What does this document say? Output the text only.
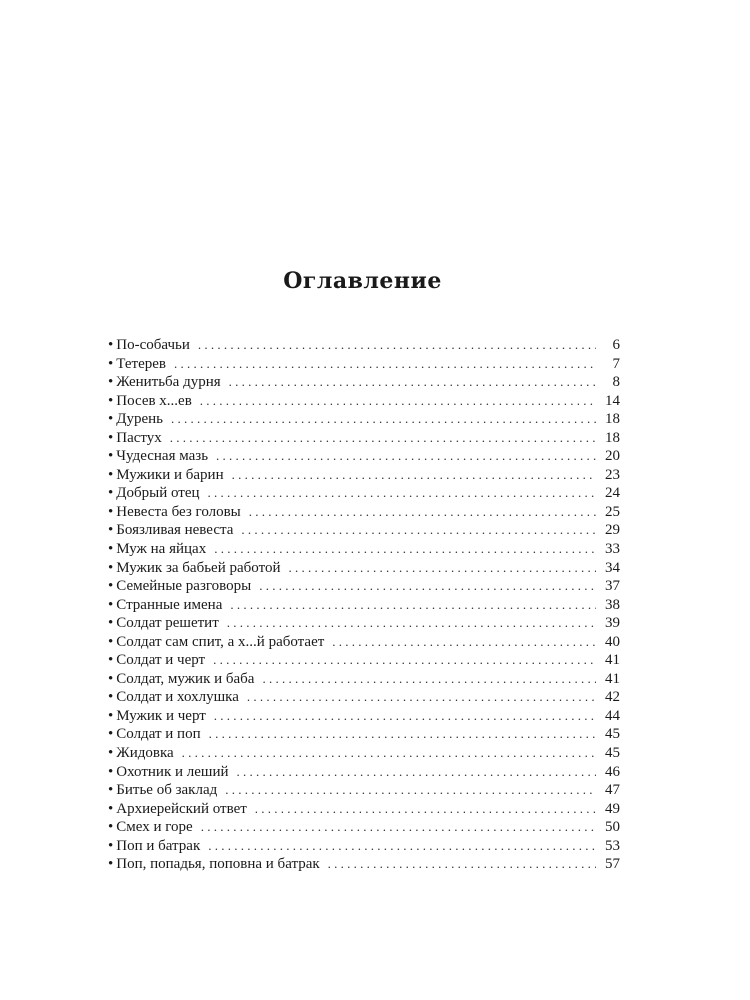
Оглавление
• По-собачьи . . .	6
• Тетерев . . .	7
• Женитьба дурня . . .	8
• Посев х...ев . . .	14
• Дурень . . .	18
• Пастух . . .	18
• Чудесная мазь . . .	20
• Мужики и барин . . .	23
• Добрый отец . . .	24
• Невеста без головы . . .	25
• Боязливая невеста . . .	29
• Муж на яйцах . . .	33
• Мужик за бабьей работой . . .	34
• Семейные разговоры . . .	37
• Странные имена . . .	38
• Солдат решетит . . .	39
• Солдат сам спит, а х...й работает . . .	40
• Солдат и черт . . .	41
• Солдат, мужик и баба . . .	41
• Солдат и хохлушка . . .	42
• Мужик и черт . . .	44
• Солдат и поп . . .	45
• Жидовка . . .	45
• Охотник и леший . . .	46
• Битье об заклад . . .	47
• Архиерейский ответ . . .	49
• Смех и горе . . .	50
• Поп и батрак . . .	53
• Поп, попадья, поповна и батрак . . .	57
